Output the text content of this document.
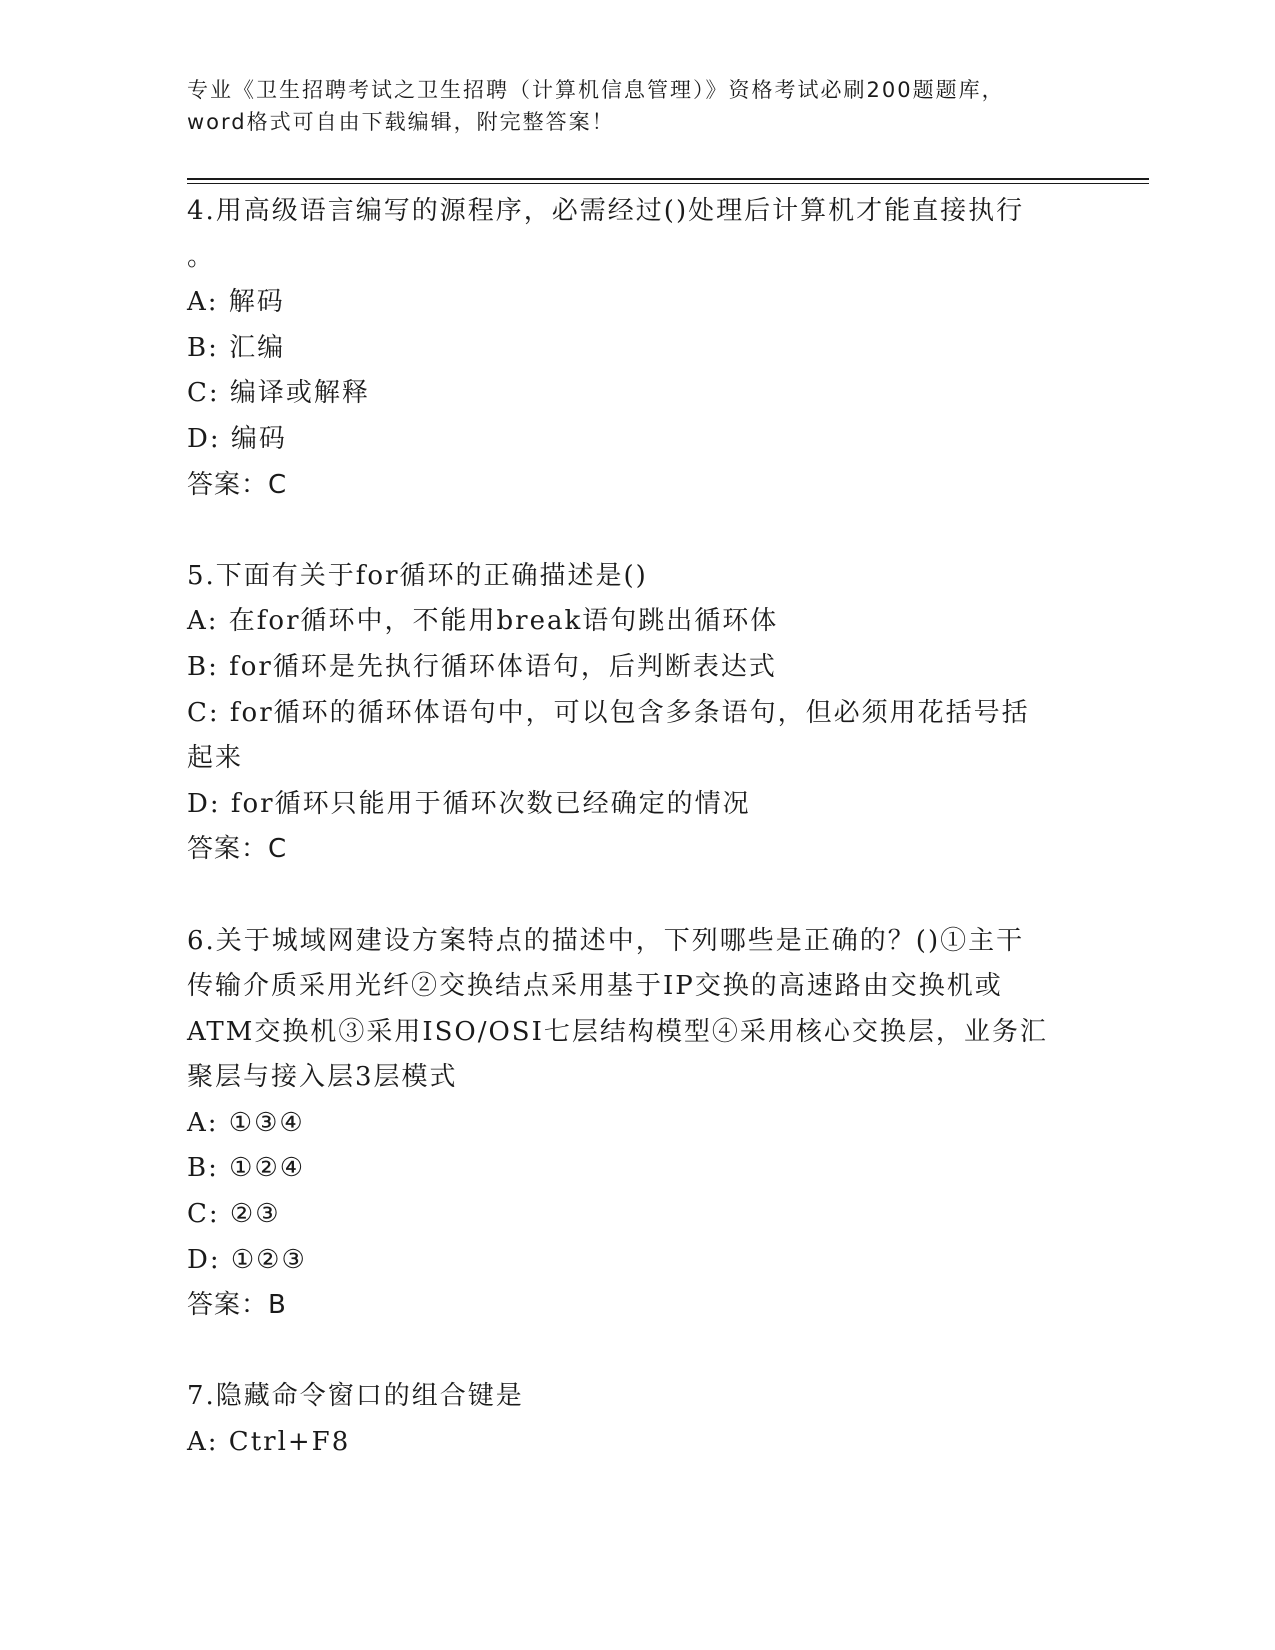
专业《卫生招聘考试之卫生招聘（计算机信息管理）》资格考试必刷200题题库，
word格式可自由下载编辑，附完整答案！

4.用高级语言编写的源程序，必需经过()处理后计算机才能直接执行

。

A: 解码

B: 汇编

C: 编译或解释

D: 编码

答案：C

5.下面有关于for循环的正确描述是()

A: 在for循环中，不能用break语句跳出循环体

B: for循环是先执行循环体语句，后判断表达式

C: for循环的循环体语句中，可以包含多条语句，但必须用花括号括

起来

D: for循环只能用于循环次数已经确定的情况

答案：C

6.关于城域网建设方案特点的描述中，下列哪些是正确的？()①主干

传输介质采用光纤②交换结点采用基于IP交换的高速路由交换机或

ATM交换机③采用ISO/OSI七层结构模型④采用核心交换层，业务汇

聚层与接入层3层模式

A: ①③④

B: ①②④

C: ②③

D: ①②③

答案：B

7.隐藏命令窗口的组合键是

A: Ctrl+F8
